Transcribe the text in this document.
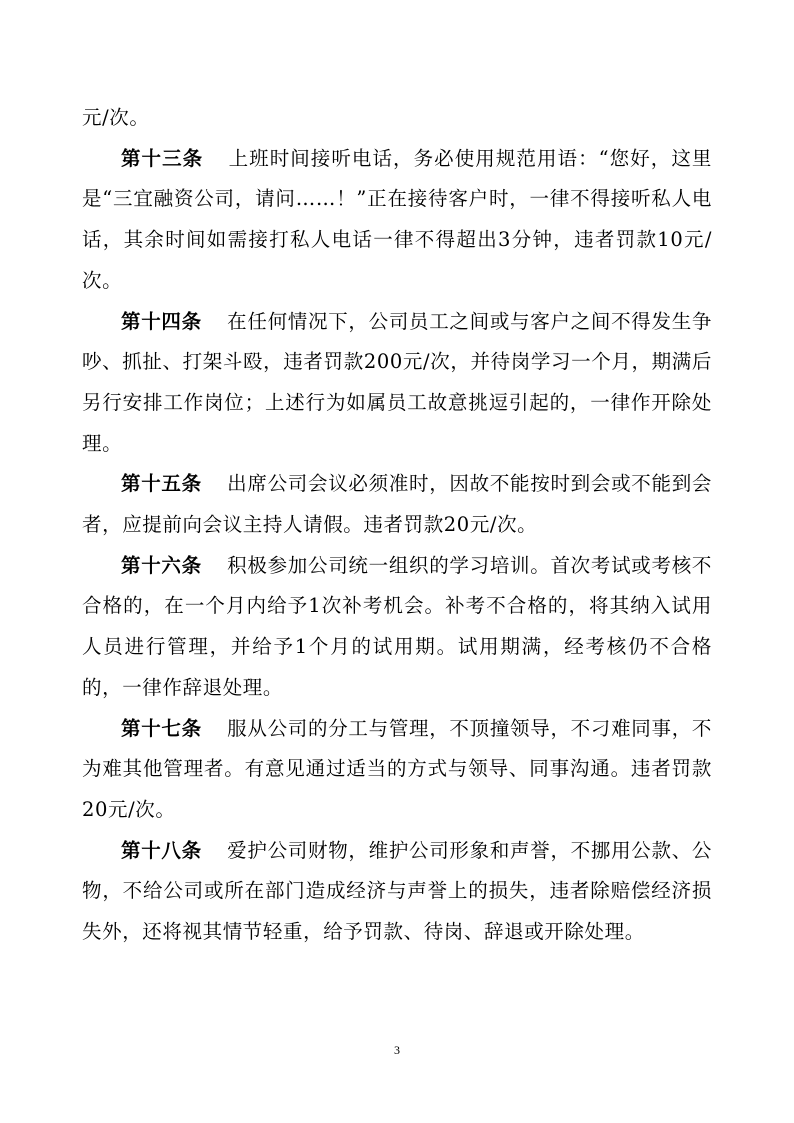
元/次。

第十三条 上班时间接听电话，务必使用规范用语：“您好，这里是“三宜融资公司，请问……！”正在接待客户时，一律不得接听私人电话，其余时间如需接打私人电话一律不得超出3分钟，违者罚款10元/次。

第十四条 在任何情况下，公司员工之间或与客户之间不得发生争吵、抓扯、打架斗殴，违者罚款200元/次，并待岗学习一个月，期满后另行安排工作岗位；上述行为如属员工故意挑逗引起的，一律作开除处理。

第十五条 出席公司会议必须准时，因故不能按时到会或不能到会者，应提前向会议主持人请假。违者罚款20元/次。

第十六条 积极参加公司统一组织的学习培训。首次考试或考核不合格的，在一个月内给予1次补考机会。补考不合格的，将其纳入试用人员进行管理，并给予1个月的试用期。试用期满，经考核仍不合格的，一律作辞退处理。

第十七条 服从公司的分工与管理，不顶撞领导，不刁难同事，不为难其他管理者。有意见通过适当的方式与领导、同事沟通。违者罚款20元/次。

第十八条 爱护公司财物，维护公司形象和声誉，不挪用公款、公物，不给公司或所在部门造成经济与声誉上的损失，违者除赔偿经济损失外，还将视其情节轻重，给予罚款、待岗、辞退或开除处理。

3
